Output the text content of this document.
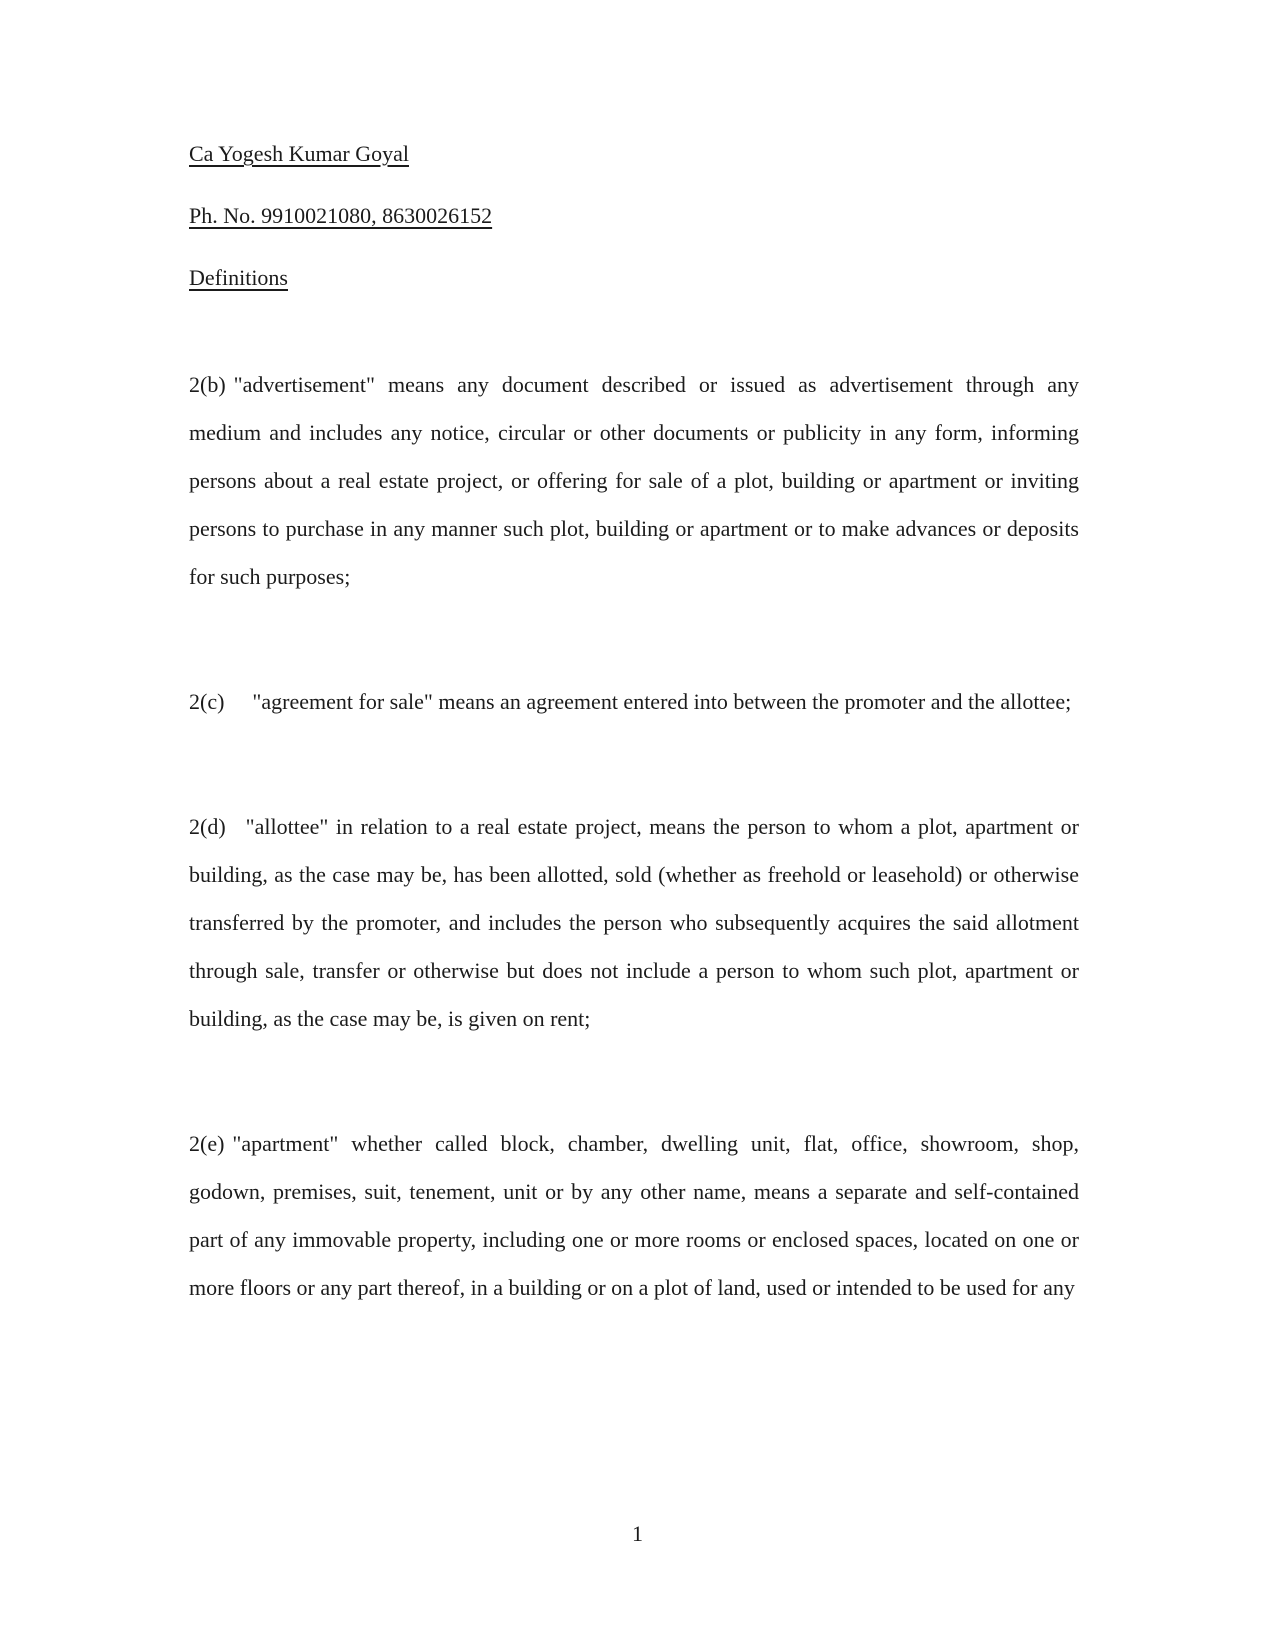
Ca Yogesh Kumar Goyal

Ph. No. 9910021080, 8630026152

Definitions

2(b) "advertisement" means any document described or issued as advertisement through any medium and includes any notice, circular or other documents or publicity in any form, informing persons about a real estate project, or offering for sale of a plot, building or apartment or inviting persons to purchase in any manner such plot, building or apartment or to make advances or deposits for such purposes;

2(c) "agreement for sale" means an agreement entered into between the promoter and the allottee;

2(d) "allottee" in relation to a real estate project, means the person to whom a plot, apartment or building, as the case may be, has been allotted, sold (whether as freehold or leasehold) or otherwise transferred by the promoter, and includes the person who subsequently acquires the said allotment through sale, transfer or otherwise but does not include a person to whom such plot, apartment or building, as the case may be, is given on rent;

2(e) "apartment" whether called block, chamber, dwelling unit, flat, office, showroom, shop, godown, premises, suit, tenement, unit or by any other name, means a separate and self-contained part of any immovable property, including one or more rooms or enclosed spaces, located on one or more floors or any part thereof, in a building or on a plot of land, used or intended to be used for any

1
